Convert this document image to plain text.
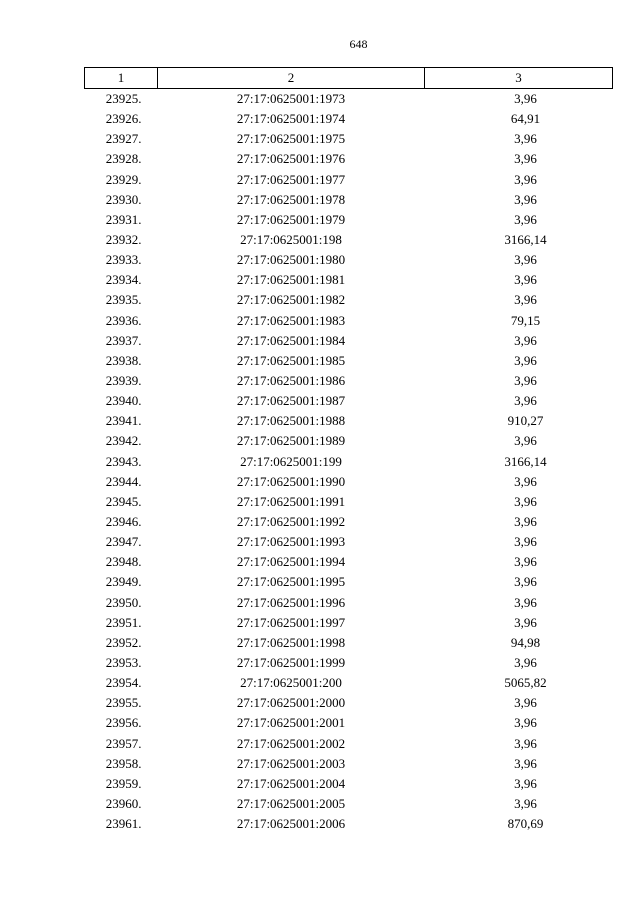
648
1	2	3
23925.	27:17:0625001:1973	3,96
23926.	27:17:0625001:1974	64,91
23927.	27:17:0625001:1975	3,96
23928.	27:17:0625001:1976	3,96
23929.	27:17:0625001:1977	3,96
23930.	27:17:0625001:1978	3,96
23931.	27:17:0625001:1979	3,96
23932.	27:17:0625001:198	3166,14
23933.	27:17:0625001:1980	3,96
23934.	27:17:0625001:1981	3,96
23935.	27:17:0625001:1982	3,96
23936.	27:17:0625001:1983	79,15
23937.	27:17:0625001:1984	3,96
23938.	27:17:0625001:1985	3,96
23939.	27:17:0625001:1986	3,96
23940.	27:17:0625001:1987	3,96
23941.	27:17:0625001:1988	910,27
23942.	27:17:0625001:1989	3,96
23943.	27:17:0625001:199	3166,14
23944.	27:17:0625001:1990	3,96
23945.	27:17:0625001:1991	3,96
23946.	27:17:0625001:1992	3,96
23947.	27:17:0625001:1993	3,96
23948.	27:17:0625001:1994	3,96
23949.	27:17:0625001:1995	3,96
23950.	27:17:0625001:1996	3,96
23951.	27:17:0625001:1997	3,96
23952.	27:17:0625001:1998	94,98
23953.	27:17:0625001:1999	3,96
23954.	27:17:0625001:200	5065,82
23955.	27:17:0625001:2000	3,96
23956.	27:17:0625001:2001	3,96
23957.	27:17:0625001:2002	3,96
23958.	27:17:0625001:2003	3,96
23959.	27:17:0625001:2004	3,96
23960.	27:17:0625001:2005	3,96
23961.	27:17:0625001:2006	870,69
